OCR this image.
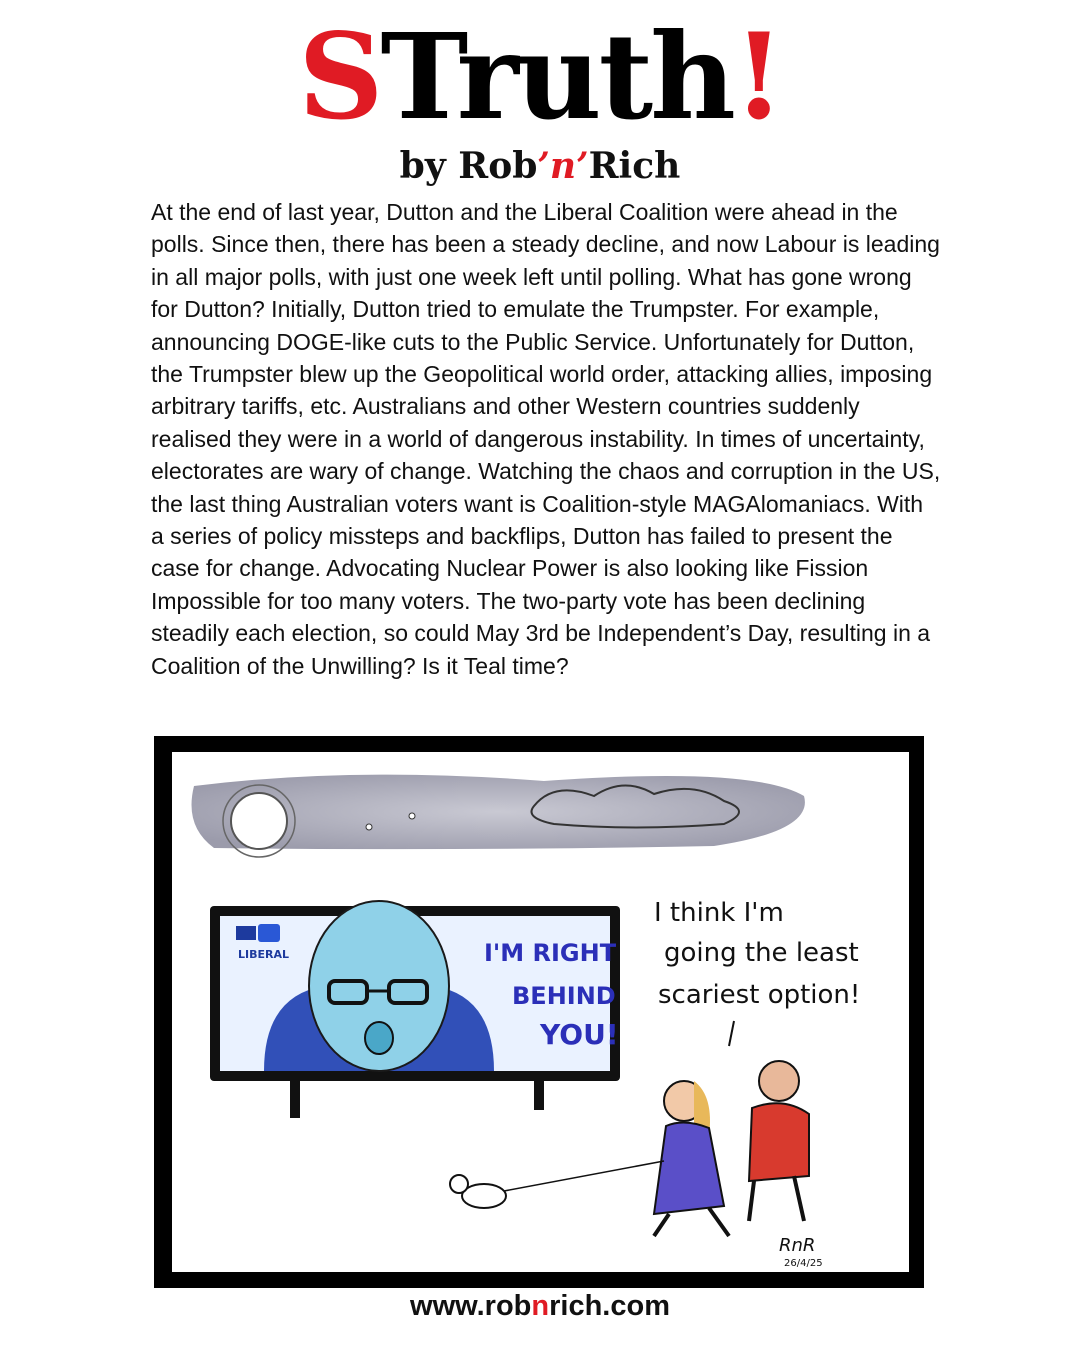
STruth!
by Rob’n’Rich
At the end of last year, Dutton and the Liberal Coalition were ahead in the polls. Since then, there has been a steady decline, and now Labour is leading in all major polls, with just one week left until polling. What has gone wrong for Dutton? Initially, Dutton tried to emulate the Trumpster. For example, announcing DOGE-like cuts to the Public Service. Unfortunately for Dutton, the Trumpster blew up the Geopolitical world order, attacking allies, imposing arbitrary tariffs, etc. Australians and other Western countries suddenly realised they were in a world of dangerous instability. In times of uncertainty, electorates are wary of change. Watching the chaos and corruption in the US, the last thing Australian voters want is Coalition-style MAGAlomaniacs. With a series of policy missteps and backflips, Dutton has failed to present the case for change. Advocating Nuclear Power is also looking like Fission Impossible for too many voters. The two-party vote has been declining steadily each election, so could May 3rd be Independent’s Day, resulting in a Coalition of the Unwilling? Is it Teal time?
LIBERAL	I'M RIGHT
BEHIND
YOU!
I think I'm
going the least
scariest option!
RnR
26/4/25
www.robnrich.com
